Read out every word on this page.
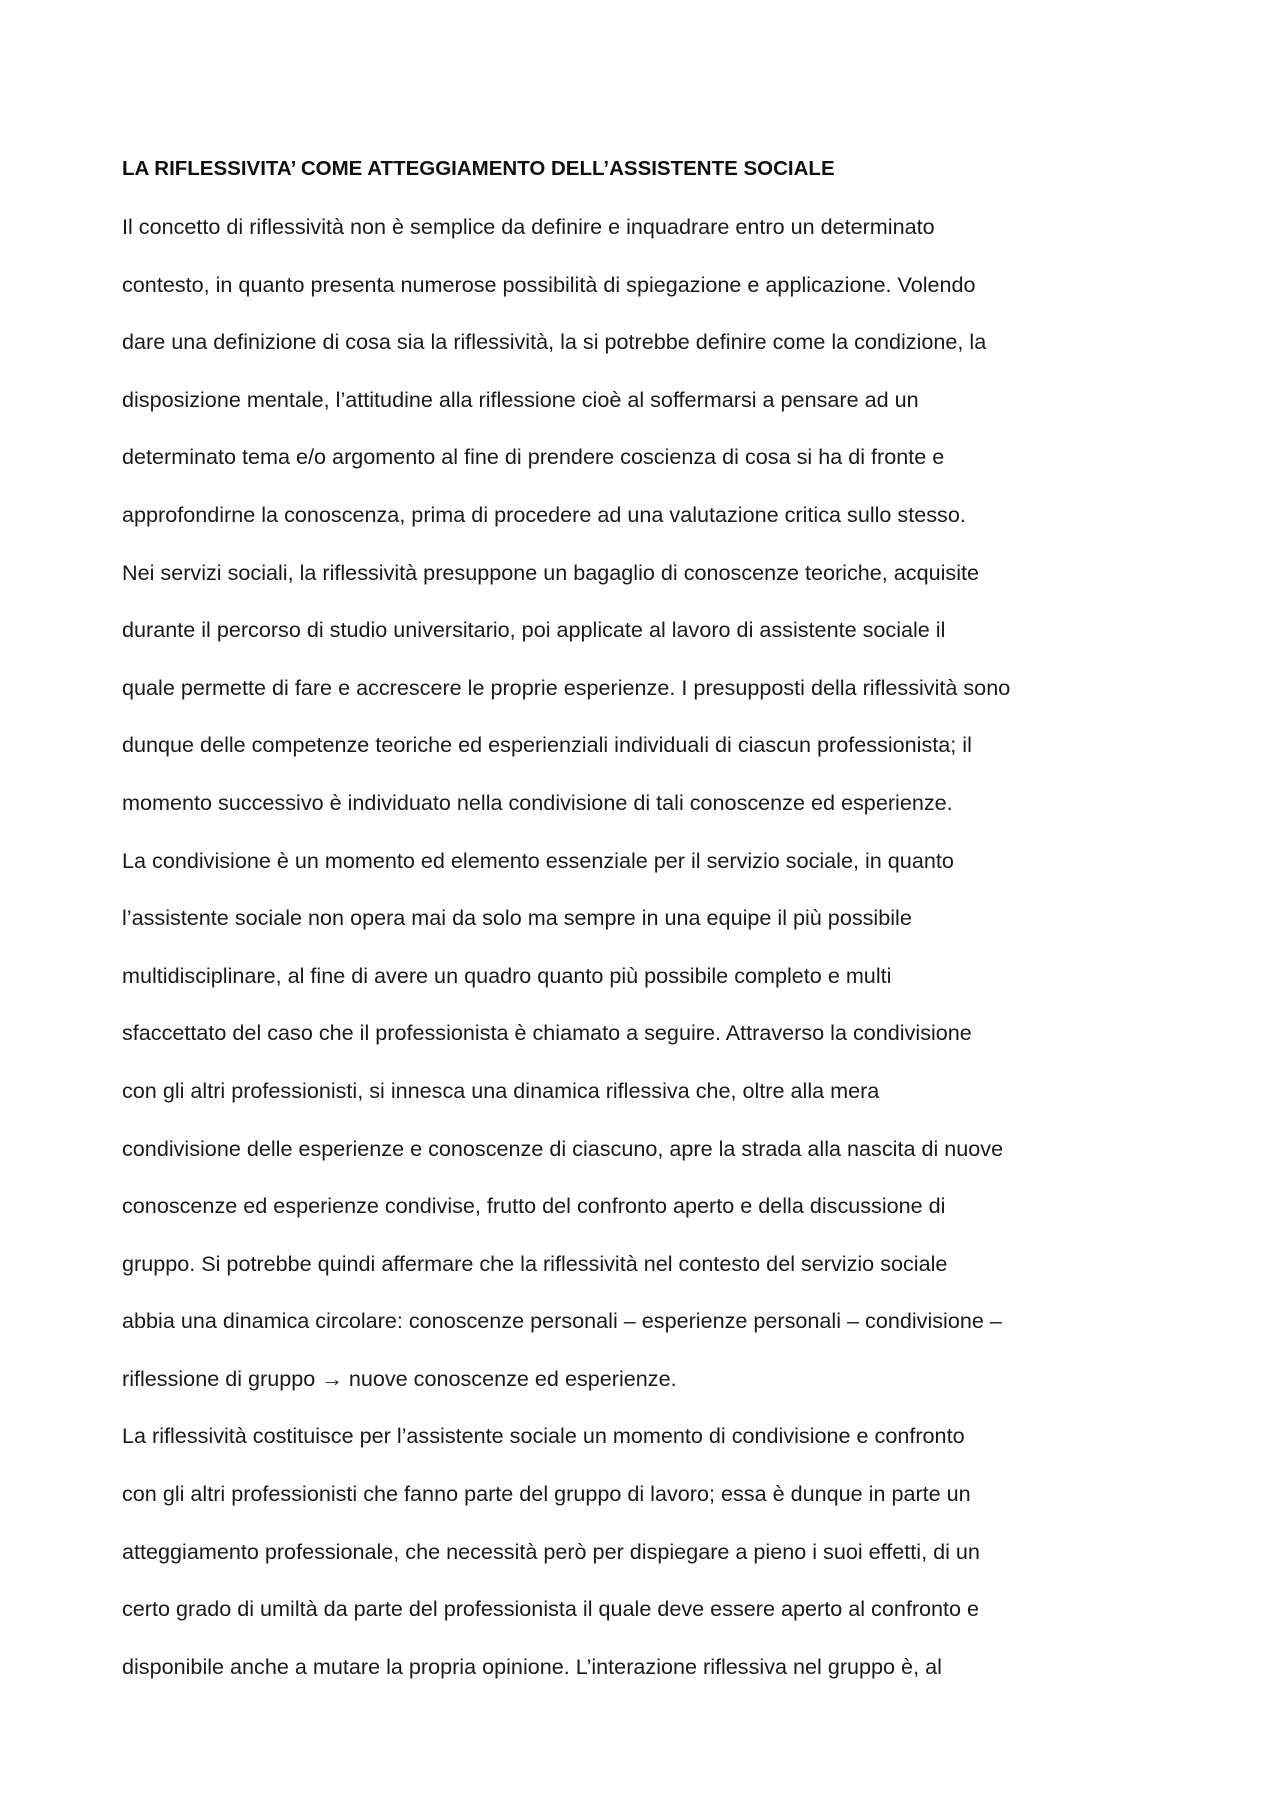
LA RIFLESSIVITA’ COME ATTEGGIAMENTO DELL’ASSISTENTE SOCIALE
Il concetto di riflessività non è semplice da definire e inquadrare entro un determinato
contesto, in quanto presenta numerose possibilità di spiegazione e applicazione. Volendo
dare una definizione di cosa sia la riflessività, la si potrebbe definire come la condizione, la
disposizione mentale, l’attitudine alla riflessione cioè al soffermarsi a pensare ad un
determinato tema e/o argomento al fine di prendere coscienza di cosa si ha di fronte e
approfondirne la conoscenza, prima di procedere ad una valutazione critica sullo stesso.
Nei servizi sociali, la riflessività presuppone un bagaglio di conoscenze teoriche, acquisite
durante il percorso di studio universitario, poi applicate al lavoro di assistente sociale il
quale permette di fare e accrescere le proprie esperienze. I presupposti della riflessività sono
dunque delle competenze teoriche ed esperienziali individuali di ciascun professionista; il
momento successivo è individuato nella condivisione di tali conoscenze ed esperienze.
La condivisione è un momento ed elemento essenziale per il servizio sociale, in quanto
l’assistente sociale non opera mai da solo ma sempre in una equipe il più possibile
multidisciplinare, al fine di avere un quadro quanto più possibile completo e multi
sfaccettato del caso che il professionista è chiamato a seguire. Attraverso la condivisione
con gli altri professionisti, si innesca una dinamica riflessiva che, oltre alla mera
condivisione delle esperienze e conoscenze di ciascuno, apre la strada alla nascita di nuove
conoscenze ed esperienze condivise, frutto del confronto aperto e della discussione di
gruppo. Si potrebbe quindi affermare che la riflessività nel contesto del servizio sociale
abbia una dinamica circolare: conoscenze personali – esperienze personali – condivisione –
riflessione di gruppo → nuove conoscenze ed esperienze.
La riflessività costituisce per l’assistente sociale un momento di condivisione e confronto
con gli altri professionisti che fanno parte del gruppo di lavoro; essa è dunque in parte un
atteggiamento professionale, che necessità però per dispiegare a pieno i suoi effetti, di un
certo grado di umiltà da parte del professionista il quale deve essere aperto al confronto e
disponibile anche a mutare la propria opinione. L’interazione riflessiva nel gruppo è, al
